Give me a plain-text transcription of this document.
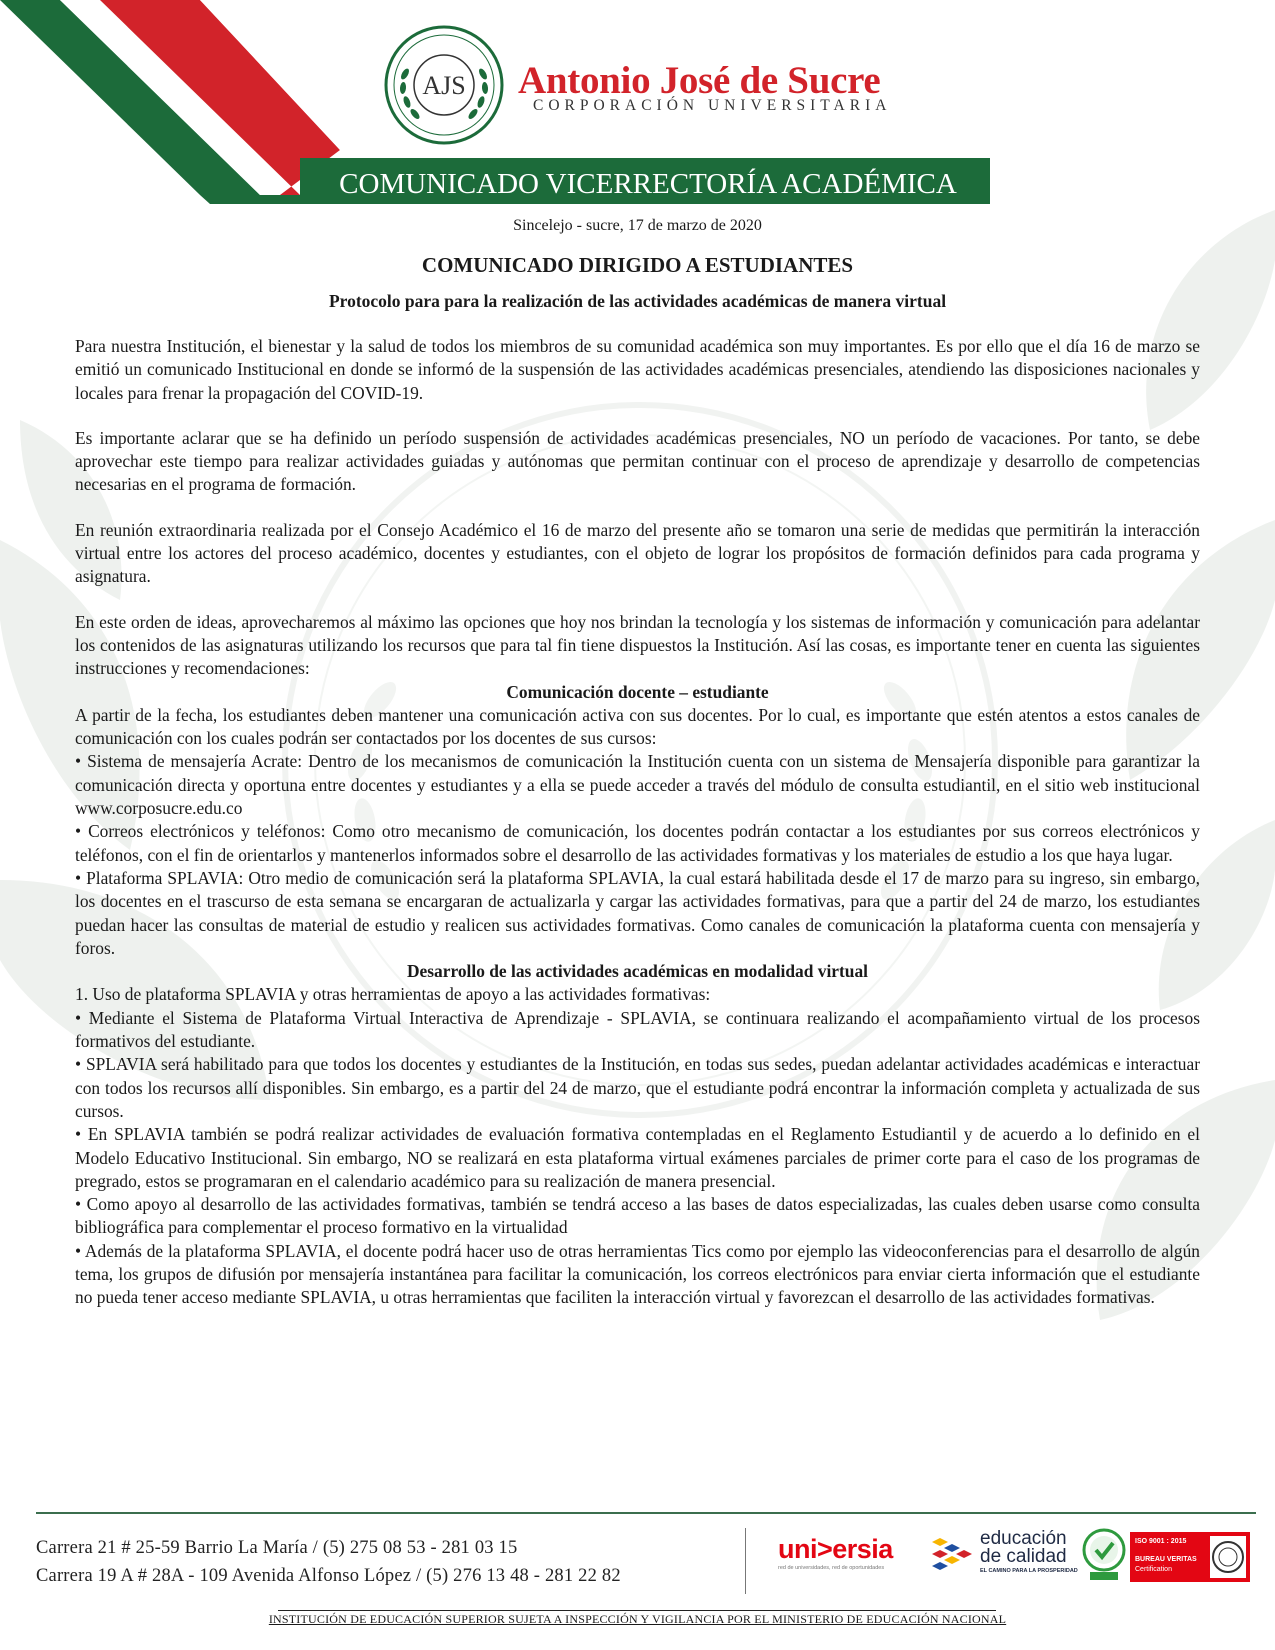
AJS Antonio José de Sucre
CORPORACIÓN UNIVERSITARIA
COMUNICADO VICERRECTORÍA ACADÉMICA
Sincelejo - sucre, 17 de marzo de 2020
COMUNICADO DIRIGIDO A ESTUDIANTES
Protocolo para para la realización de las actividades académicas de manera virtual

Para nuestra Institución, el bienestar y la salud de todos los miembros de su comunidad académica son muy importantes. Es por ello que el día 16 de marzo se emitió un comunicado Institucional en donde se informó de la suspensión de las actividades académicas presenciales, atendiendo las disposiciones nacionales y locales para frenar la propagación del COVID-19.

Es importante aclarar que se ha definido un período suspensión de actividades académicas presenciales, NO un período de vacaciones. Por tanto, se debe aprovechar este tiempo para realizar actividades guiadas y autónomas que permitan continuar con el proceso de aprendizaje y desarrollo de competencias necesarias en el programa de formación.

En reunión extraordinaria realizada por el Consejo Académico el 16 de marzo del presente año se tomaron una serie de medidas que permitirán la interacción virtual entre los actores del proceso académico, docentes y estudiantes, con el objeto de lograr los propósitos de formación definidos para cada programa y asignatura.

En este orden de ideas, aprovecharemos al máximo las opciones que hoy nos brindan la tecnología y los sistemas de información y comunicación para adelantar los contenidos de las asignaturas utilizando los recursos que para tal fin tiene dispuestos la Institución. Así las cosas, es importante tener en cuenta las siguientes instrucciones y recomendaciones:

Comunicación docente – estudiante

A partir de la fecha, los estudiantes deben mantener una comunicación activa con sus docentes. Por lo cual, es importante que estén atentos a estos canales de comunicación con los cuales podrán ser contactados por los docentes de sus cursos:

• Sistema de mensajería Acrate: Dentro de los mecanismos de comunicación la Institución cuenta con un sistema de Mensajería disponible para garantizar la comunicación directa y oportuna entre docentes y estudiantes y a ella se puede acceder a través del módulo de consulta estudiantil, en el sitio web institucional www.corposucre.edu.co

• Correos electrónicos y teléfonos: Como otro mecanismo de comunicación, los docentes podrán contactar a los estudiantes por sus correos electrónicos y teléfonos, con el fin de orientarlos y mantenerlos informados sobre el desarrollo de las actividades formativas y los materiales de estudio a los que haya lugar.

• Plataforma SPLAVIA: Otro medio de comunicación será la plataforma SPLAVIA, la cual estará habilitada desde el 17 de marzo para su ingreso, sin embargo, los docentes en el trascurso de esta semana se encargaran de actualizarla y cargar las actividades formativas, para que a partir del 24 de marzo, los estudiantes puedan hacer las consultas de material de estudio y realicen sus actividades formativas. Como canales de comunicación la plataforma cuenta con mensajería y foros.

Desarrollo de las actividades académicas en modalidad virtual

1. Uso de plataforma SPLAVIA y otras herramientas de apoyo a las actividades formativas:

• Mediante el Sistema de Plataforma Virtual Interactiva de Aprendizaje - SPLAVIA, se continuara realizando el acompañamiento virtual de los procesos formativos del estudiante.

• SPLAVIA será habilitado para que todos los docentes y estudiantes de la Institución, en todas sus sedes, puedan adelantar actividades académicas e interactuar con todos los recursos allí disponibles. Sin embargo, es a partir del 24 de marzo, que el estudiante podrá encontrar la información completa y actualizada de sus cursos.

• En SPLAVIA también se podrá realizar actividades de evaluación formativa contempladas en el Reglamento Estudiantil y de acuerdo a lo definido en el Modelo Educativo Institucional. Sin embargo, NO se realizará en esta plataforma virtual exámenes parciales de primer corte para el caso de los programas de pregrado, estos se programaran en el calendario académico para su realización de manera presencial.

• Como apoyo al desarrollo de las actividades formativas, también se tendrá acceso a las bases de datos especializadas, las cuales deben usarse como consulta bibliográfica para complementar el proceso formativo en la virtualidad

• Además de la plataforma SPLAVIA, el docente podrá hacer uso de otras herramientas Tics como por ejemplo las videoconferencias para el desarrollo de algún tema, los grupos de difusión por mensajería instantánea para facilitar la comunicación, los correos electrónicos para enviar cierta información que el estudiante no pueda tener acceso mediante SPLAVIA, u otras herramientas que faciliten la interacción virtual y favorezcan el desarrollo de las actividades formativas.

Carrera 21 # 25-59 Barrio La María / (5) 275 08 53 - 281 03 15
Carrera 19 A # 28A - 109 Avenida Alfonso López / (5) 276 13 48 - 281 22 82
uni>ersia
red de universidades, red de oportunidades
educación
de calidad
EL CAMINO PARA LA PROSPERIDAD
ISO 9001 : 2015
BUREAU VERITAS
Certification
INSTITUCIÓN DE EDUCACIÓN SUPERIOR SUJETA A INSPECCIÓN Y VIGILANCIA POR EL MINISTERIO DE EDUCACIÓN NACIONAL
